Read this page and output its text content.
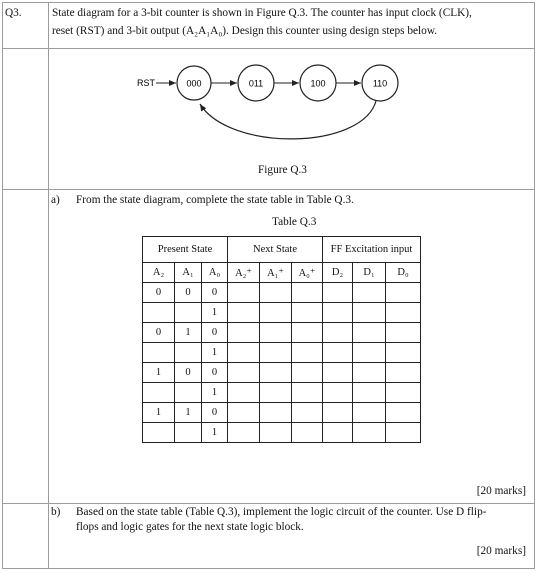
Q3.	State diagram for a 3-bit counter is shown in Figure Q.3. The counter has input clock (CLK),
reset (RST) and 3-bit output (A₂A₁A₀). Design this counter using design steps below.
RST	000	011	100	110
Figure Q.3
a) From the state diagram, complete the state table in Table Q.3.
Table Q.3
Present State			Next State			FF Excitation input		
A₂	A₁	A₀	A₂⁺	A₁⁺	A₀⁺	D₂	D₁	D₀
0	0	0						
		1						
0	1	0						
		1						
1	0	0						
		1						
1	1	0						
		1						
[20 marks]
b) Based on the state table (Table Q.3), implement the logic circuit of the counter. Use D flip-
flops and logic gates for the next state logic block.
[20 marks]
